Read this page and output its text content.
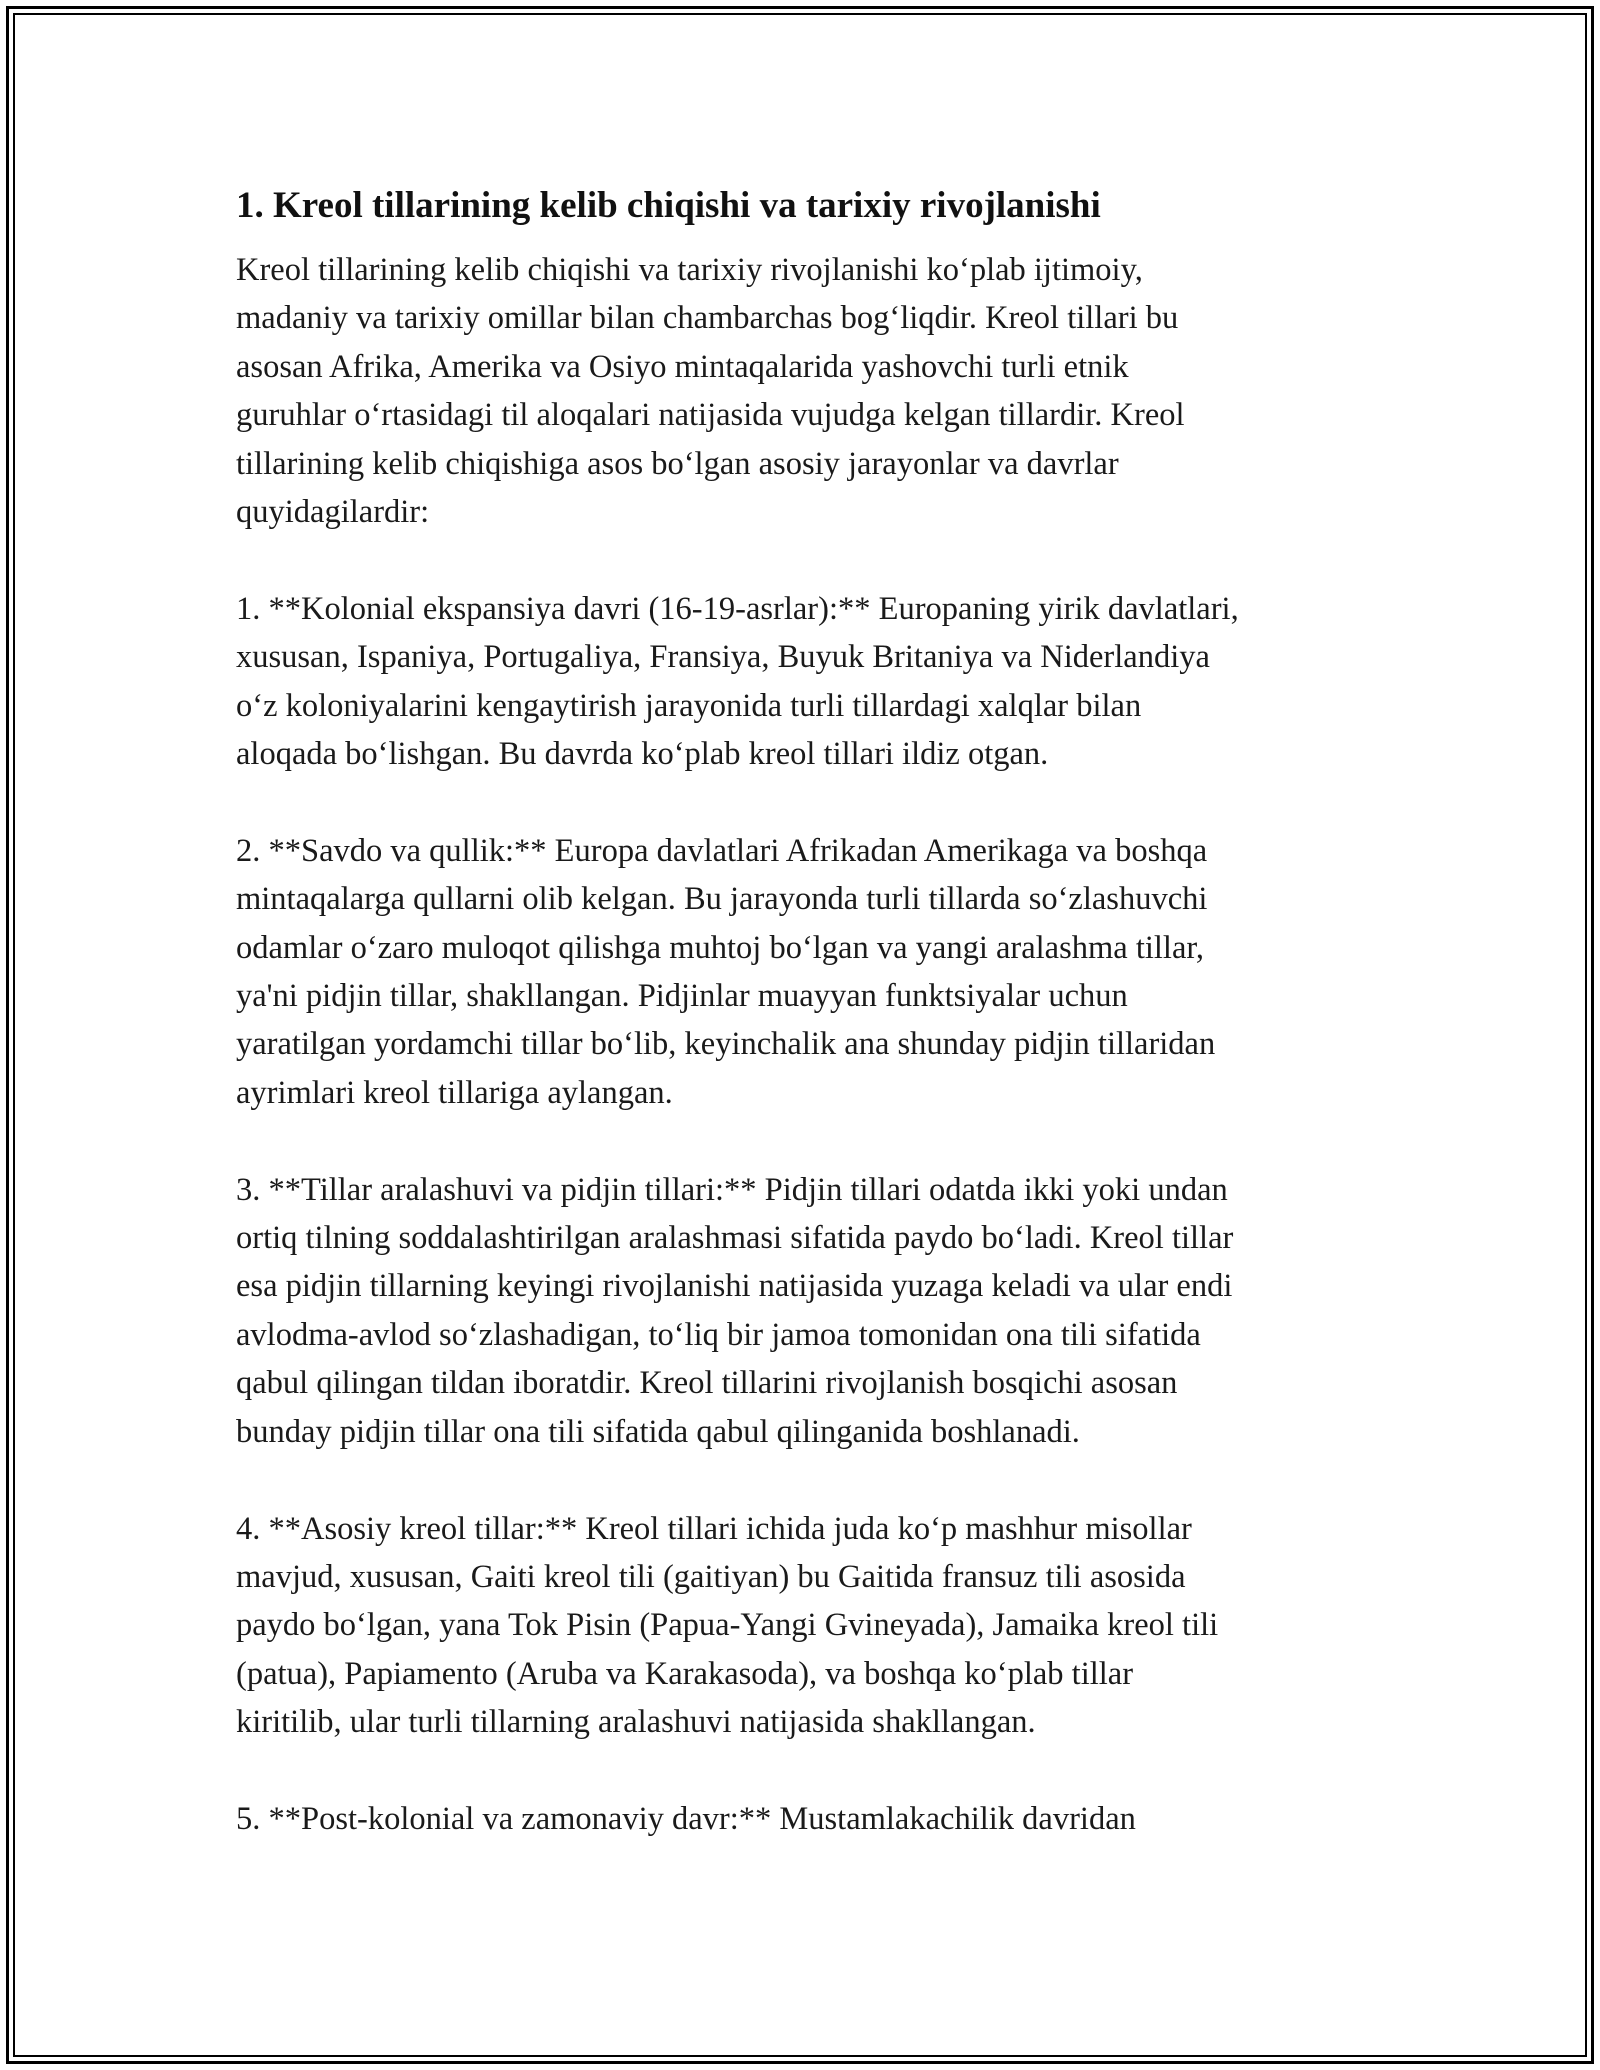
1. Kreol tillarining kelib chiqishi va tarixiy rivojlanishi

Kreol tillarining kelib chiqishi va tarixiy rivojlanishi ko‘plab ijtimoiy,
madaniy va tarixiy omillar bilan chambarchas bog‘liqdir. Kreol tillari bu
asosan Afrika, Amerika va Osiyo mintaqalarida yashovchi turli etnik
guruhlar o‘rtasidagi til aloqalari natijasida vujudga kelgan tillardir. Kreol
tillarining kelib chiqishiga asos bo‘lgan asosiy jarayonlar va davrlar
quyidagilardir:

1. **Kolonial ekspansiya davri (16-19-asrlar):** Europaning yirik davlatlari,
xususan, Ispaniya, Portugaliya, Fransiya, Buyuk Britaniya va Niderlandiya
o‘z koloniyalarini kengaytirish jarayonida turli tillardagi xalqlar bilan
aloqada bo‘lishgan. Bu davrda ko‘plab kreol tillari ildiz otgan.

2. **Savdo va qullik:** Europa davlatlari Afrikadan Amerikaga va boshqa
mintaqalarga qullarni olib kelgan. Bu jarayonda turli tillarda so‘zlashuvchi
odamlar o‘zaro muloqot qilishga muhtoj bo‘lgan va yangi aralashma tillar,
ya'ni pidjin tillar, shakllangan. Pidjinlar muayyan funktsiyalar uchun
yaratilgan yordamchi tillar bo‘lib, keyinchalik ana shunday pidjin tillaridan
ayrimlari kreol tillariga aylangan.

3. **Tillar aralashuvi va pidjin tillari:** Pidjin tillari odatda ikki yoki undan
ortiq tilning soddalashtirilgan aralashmasi sifatida paydo bo‘ladi. Kreol tillar
esa pidjin tillarning keyingi rivojlanishi natijasida yuzaga keladi va ular endi
avlodma-avlod so‘zlashadigan, to‘liq bir jamoa tomonidan ona tili sifatida
qabul qilingan tildan iboratdir. Kreol tillarini rivojlanish bosqichi asosan
bunday pidjin tillar ona tili sifatida qabul qilinganida boshlanadi.

4. **Asosiy kreol tillar:** Kreol tillari ichida juda ko‘p mashhur misollar
mavjud, xususan, Gaiti kreol tili (gaitiyan) bu Gaitida fransuz tili asosida
paydo bo‘lgan, yana Tok Pisin (Papua-Yangi Gvineyada), Jamaika kreol tili
(patua), Papiamento (Aruba va Karakasoda), va boshqa ko‘plab tillar
kiritilib, ular turli tillarning aralashuvi natijasida shakllangan.

5. **Post-kolonial va zamonaviy davr:** Mustamlakachilik davridan
